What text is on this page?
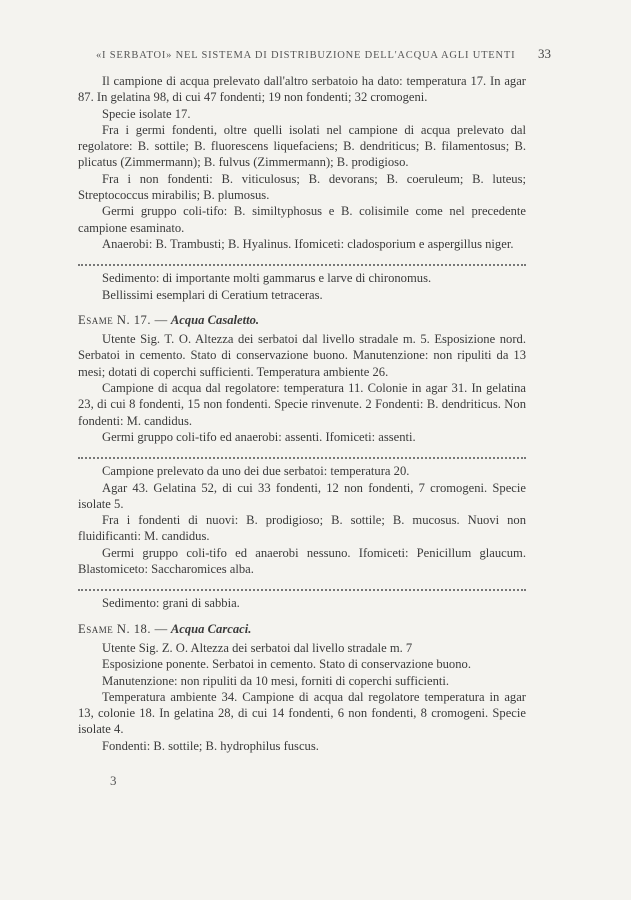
«I SERBATOI» NEL SISTEMA DI DISTRIBUZIONE DELL'ACQUA AGLI UTENTI 33

Il campione di acqua prelevato dall'altro serbatoio ha dato: temperatura 17. In agar 87. In gelatina 98, di cui 47 fondenti; 19 non fondenti; 32 cromogeni.

Specie isolate 17.

Fra i germi fondenti, oltre quelli isolati nel campione di acqua prelevato dal regolatore: B. sottile; B. fluorescens liquefaciens; B. dendriticus; B. filamentosus; B. plicatus (Zimmermann); B. fulvus (Zimmermann); B. prodigioso.

Fra i non fondenti: B. viticulosus; B. devorans; B. coeruleum; B. luteus; Streptococcus mirabilis; B. plumosus.

Germi gruppo coli-tifo: B. similtyphosus e B. colisimile come nel precedente campione esaminato.

Anaerobi: B. Trambusti; B. Hyalinus. Ifomiceti: cladosporium e aspergillus niger.

Sedimento: di importante molti gammarus e larve di chironomus.

Bellissimi esemplari di Ceratium tetraceras.

Esame N. 17. — Acqua Casaletto.

Utente Sig. T. O. Altezza dei serbatoi dal livello stradale m. 5. Esposizione nord. Serbatoi in cemento. Stato di conservazione buono. Manutenzione: non ripuliti da 13 mesi; dotati di coperchi sufficienti. Temperatura ambiente 26.

Campione di acqua dal regolatore: temperatura 11. Colonie in agar 31. In gelatina 23, di cui 8 fondenti, 15 non fondenti. Specie rinvenute. 2 Fondenti: B. dendriticus. Non fondenti: M. candidus.

Germi gruppo coli-tifo ed anaerobi: assenti. Ifomiceti: assenti.

Campione prelevato da uno dei due serbatoi: temperatura 20.

Agar 43. Gelatina 52, di cui 33 fondenti, 12 non fondenti, 7 cromogeni. Specie isolate 5.

Fra i fondenti di nuovi: B. prodigioso; B. sottile; B. mucosus. Nuovi non fluidificanti: M. candidus.

Germi gruppo coli-tifo ed anaerobi nessuno. Ifomiceti: Penicillum glaucum. Blastomiceto: Saccharomices alba.

Sedimento: grani di sabbia.

Esame N. 18. — Acqua Carcaci.

Utente Sig. Z. O. Altezza dei serbatoi dal livello stradale m. 7

Esposizione ponente. Serbatoi in cemento. Stato di conservazione buono.

Manutenzione: non ripuliti da 10 mesi, forniti di coperchi sufficienti.

Temperatura ambiente 34. Campione di acqua dal regolatore temperatura in agar 13, colonie 18. In gelatina 28, di cui 14 fondenti, 6 non fondenti, 8 cromogeni. Specie isolate 4.

Fondenti: B. sottile; B. hydrophilus fuscus.

3
